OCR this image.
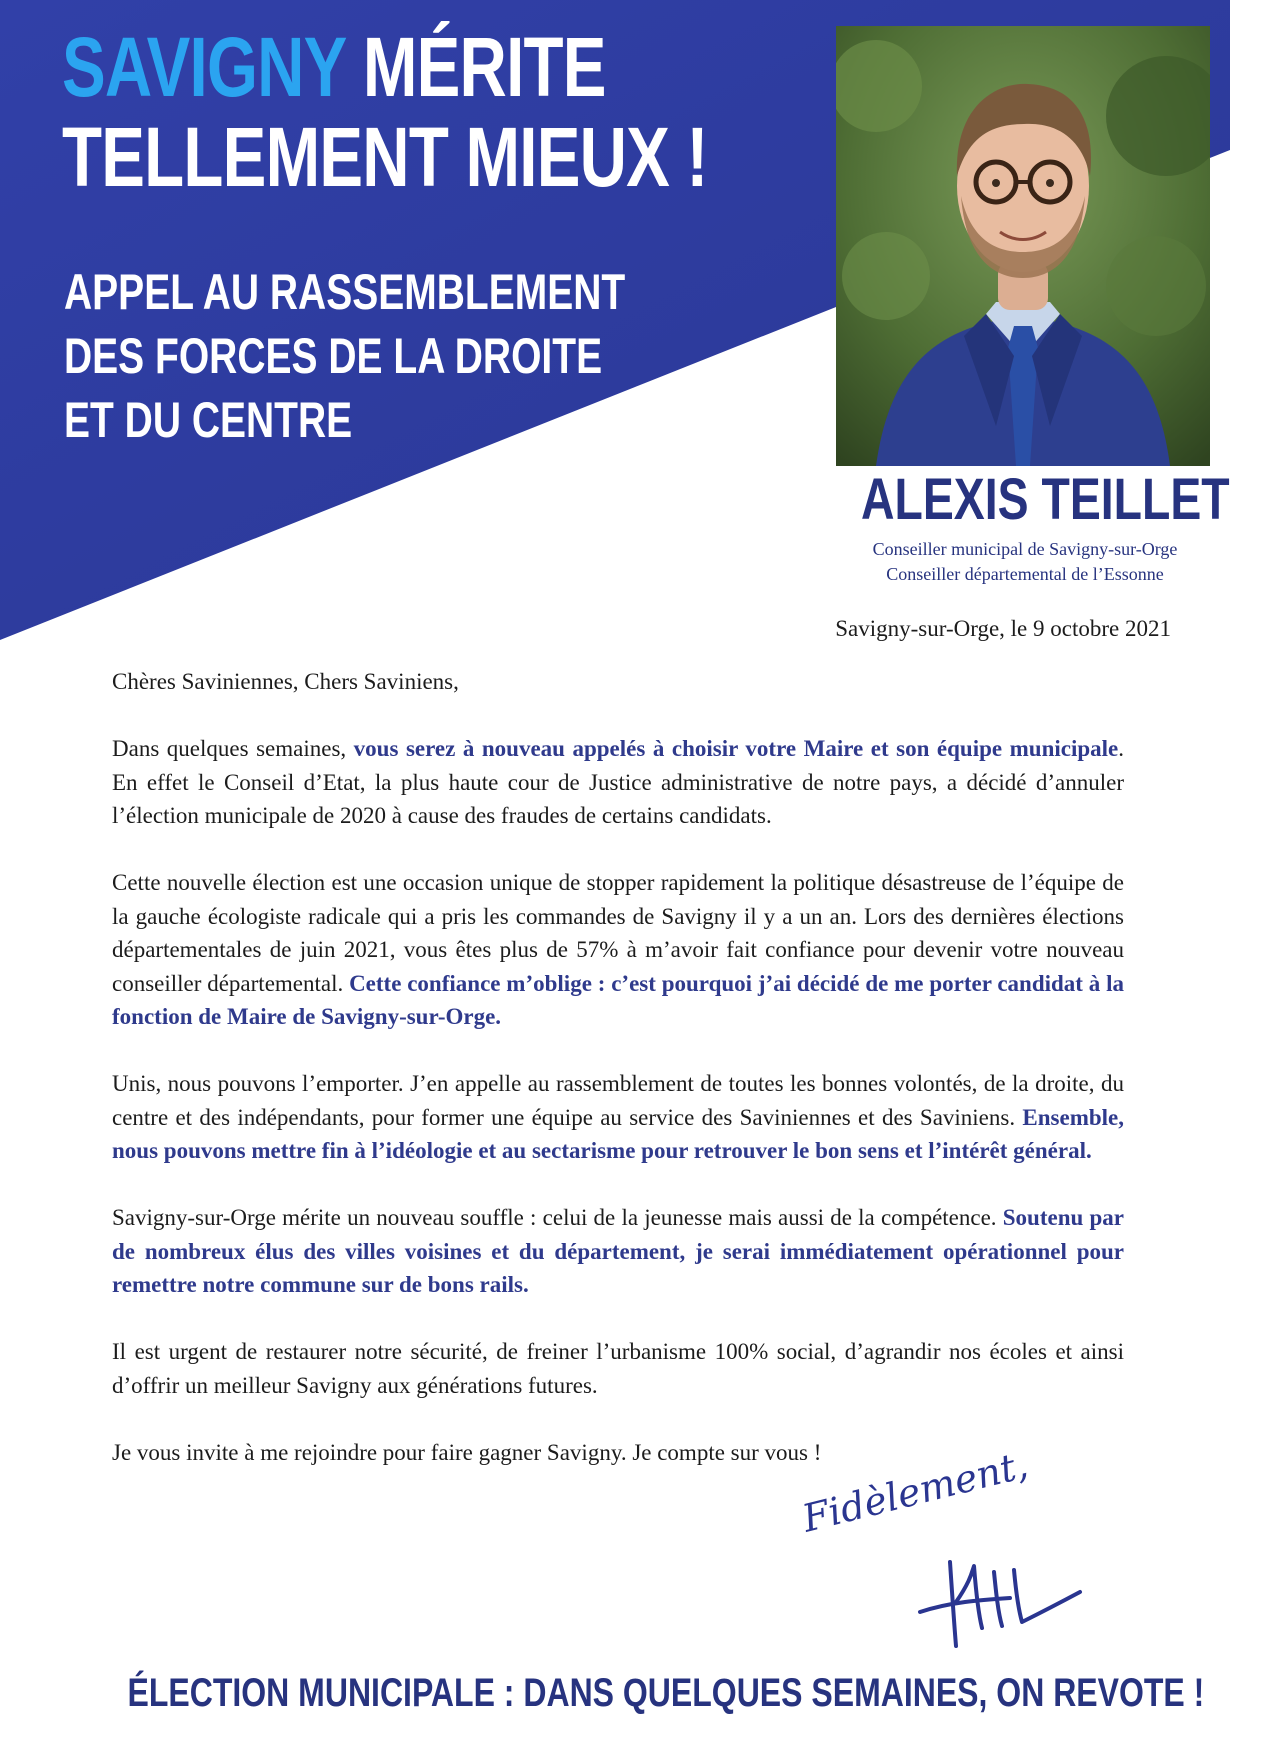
SAVIGNY MÉRITE
TELLEMENT MIEUX !
APPEL AU RASSEMBLEMENT
DES FORCES DE LA DROITE
ET DU CENTRE
ALEXIS TEILLET
Conseiller municipal de Savigny-sur-Orge
Conseiller départemental de l’Essonne
Savigny-sur-Orge, le 9 octobre 2021

Chères Saviniennes, Chers Saviniens,

Dans quelques semaines, vous serez à nouveau appelés à choisir votre Maire et son équipe municipale. En effet le Conseil d’Etat, la plus haute cour de Justice administrative de notre pays, a décidé d’annuler l’élection municipale de 2020 à cause des fraudes de certains candidats.

Cette nouvelle élection est une occasion unique de stopper rapidement la politique désastreuse de l’équipe de la gauche écologiste radicale qui a pris les commandes de Savigny il y a un an. Lors des dernières élections départementales de juin 2021, vous êtes plus de 57% à m’avoir fait confiance pour devenir votre nouveau conseiller départemental. Cette confiance m’oblige : c’est pourquoi j’ai décidé de me porter candidat à la fonction de Maire de Savigny-sur-Orge.

Unis, nous pouvons l’emporter. J’en appelle au rassemblement de toutes les bonnes volontés, de la droite, du centre et des indépendants, pour former une équipe au service des Saviniennes et des Saviniens. Ensemble, nous pouvons mettre fin à l’idéologie et au sectarisme pour retrouver le bon sens et l’intérêt général.

Savigny-sur-Orge mérite un nouveau souffle : celui de la jeunesse mais aussi de la compétence. Soutenu par de nombreux élus des villes voisines et du département, je serai immédiatement opérationnel pour remettre notre commune sur de bons rails.

Il est urgent de restaurer notre sécurité, de freiner l’urbanisme 100% social, d’agrandir nos écoles et ainsi d’offrir un meilleur Savigny aux générations futures.

Je vous invite à me rejoindre pour faire gagner Savigny. Je compte sur vous !

Fidèlement,

ÉLECTION MUNICIPALE : DANS QUELQUES SEMAINES, ON REVOTE !
